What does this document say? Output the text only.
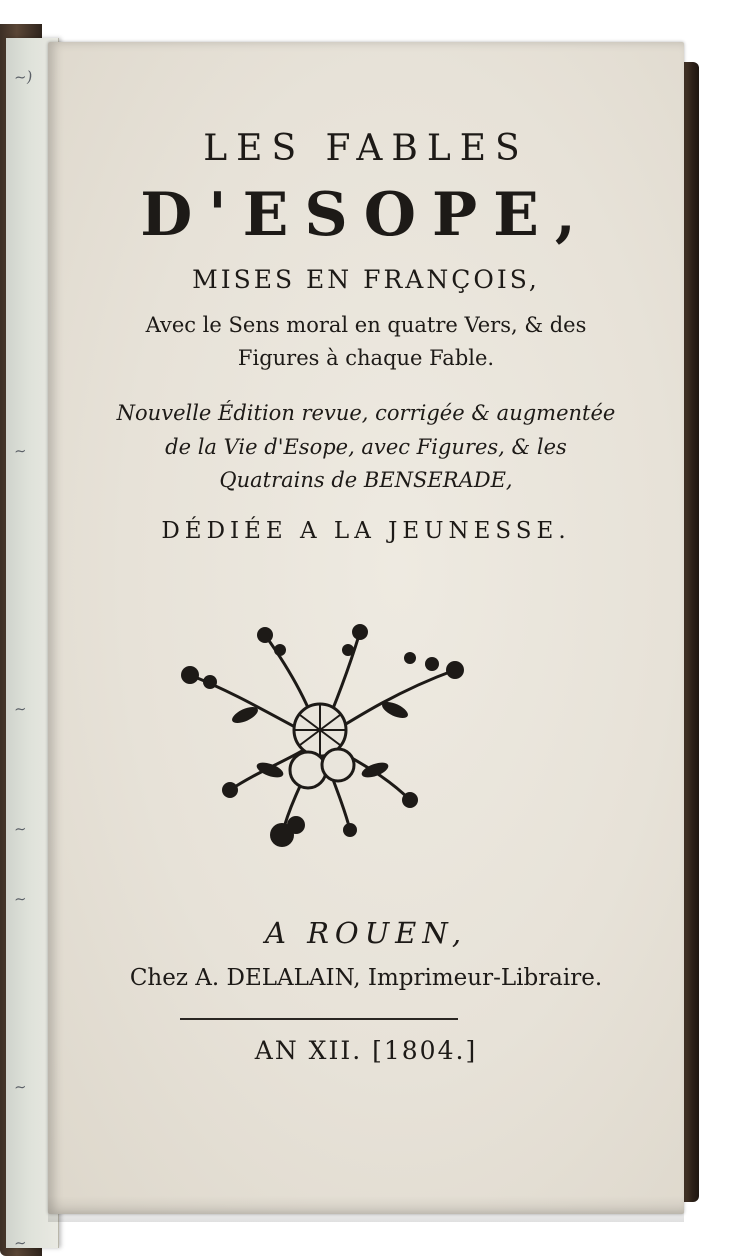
~)
~
~
~
~
~
~
LES FABLES
D'ESOPE,
MISES EN FRANÇOIS,
Avec le Sens moral en quatre Vers, & des
Figures à chaque Fable.
Nouvelle Édition revue, corrigée & augmentée
de la Vie d'Esope, avec Figures, & les
Quatrains de BENSERADE,
DÉDIÉE A LA JEUNESSE.
A ROUEN,
Chez A. DELALAIN, Imprimeur-Libraire.
AN XII. [1804.]
